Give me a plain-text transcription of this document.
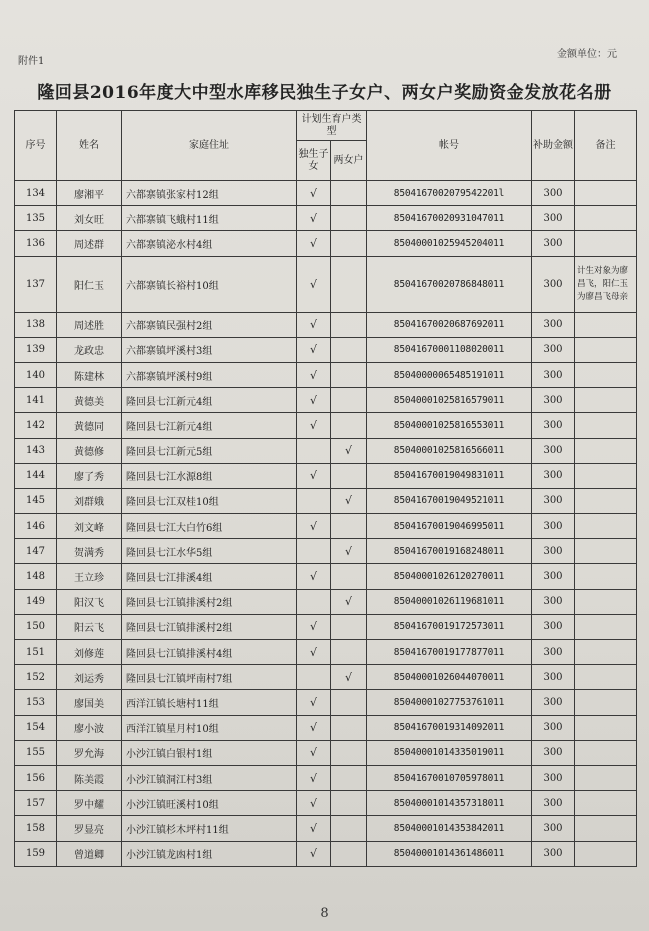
附件1
金额单位：元
隆回县2016年度大中型水库移民独生子女户、两女户奖励资金发放花名册
序号	姓名	家庭住址	计划生育户类型		帐号	补助金额	备注
			独生子女	两女户			
134	廖湘平	六都寨镇张家村12组	√		8504167002079542201l	300	
135	刘女旺	六都寨镇飞蛾村11组	√		85041670020931047011	300	
136	周述群	六都寨镇泌水村4组	√		85040001025945204011	300	
137	阳仁玉	六都寨镇长裕村10组	√		85041670020786848011	300	计生对象为廖昌飞，阳仁玉为廖昌飞母亲
138	周述胜	六都寨镇民强村2组	√		85041670020687692011	300	
139	龙政忠	六都寨镇坪溪村3组	√		85041670001108020011	300	
140	陈建林	六都寨镇坪溪村9组	√		85040000065485191011	300	
141	黄德美	隆回县七江新元4组	√		85040001025816579011	300	
142	黄德同	隆回县七江新元4组	√		85040001025816553011	300	
143	黄德修	隆回县七江新元5组		√	85040001025816566011	300	
144	廖了秀	隆回县七江水源8组	√		85041670019049831011	300	
145	刘群娥	隆回县七江双桂10组		√	85041670019049521011	300	
146	刘文峰	隆回县七江大白竹6组	√		85041670019046995011	300	
147	贺满秀	隆回县七江水华5组		√	85041670019168248011	300	
148	王立珍	隆回县七江排溪4组	√		85040001026120270011	300	
149	阳汉飞	隆回县七江镇排溪村2组		√	85040001026119681011	300	
150	阳云飞	隆回县七江镇排溪村2组	√		85041670019172573011	300	
151	刘修莲	隆回县七江镇排溪村4组	√		85041670019177877011	300	
152	刘运秀	隆回县七江镇坪南村7组		√	85040001026044070011	300	
153	廖国美	西洋江镇长塘村11组	√		85040001027753761011	300	
154	廖小波	西洋江镇星月村10组	√		85041670019314092011	300	
155	罗允海	小沙江镇白银村1组	√		85040001014335019011	300	
156	陈美霞	小沙江镇洞江村3组	√		85041670010705978011	300	
157	罗中耀	小沙江镇旺溪村10组	√		85040001014357318011	300	
158	罗显亮	小沙江镇杉木坪村11组	√		85040001014353842011	300	
159	曾道卿	小沙江镇龙凼村1组	√		85040001014361486011	300	
8
